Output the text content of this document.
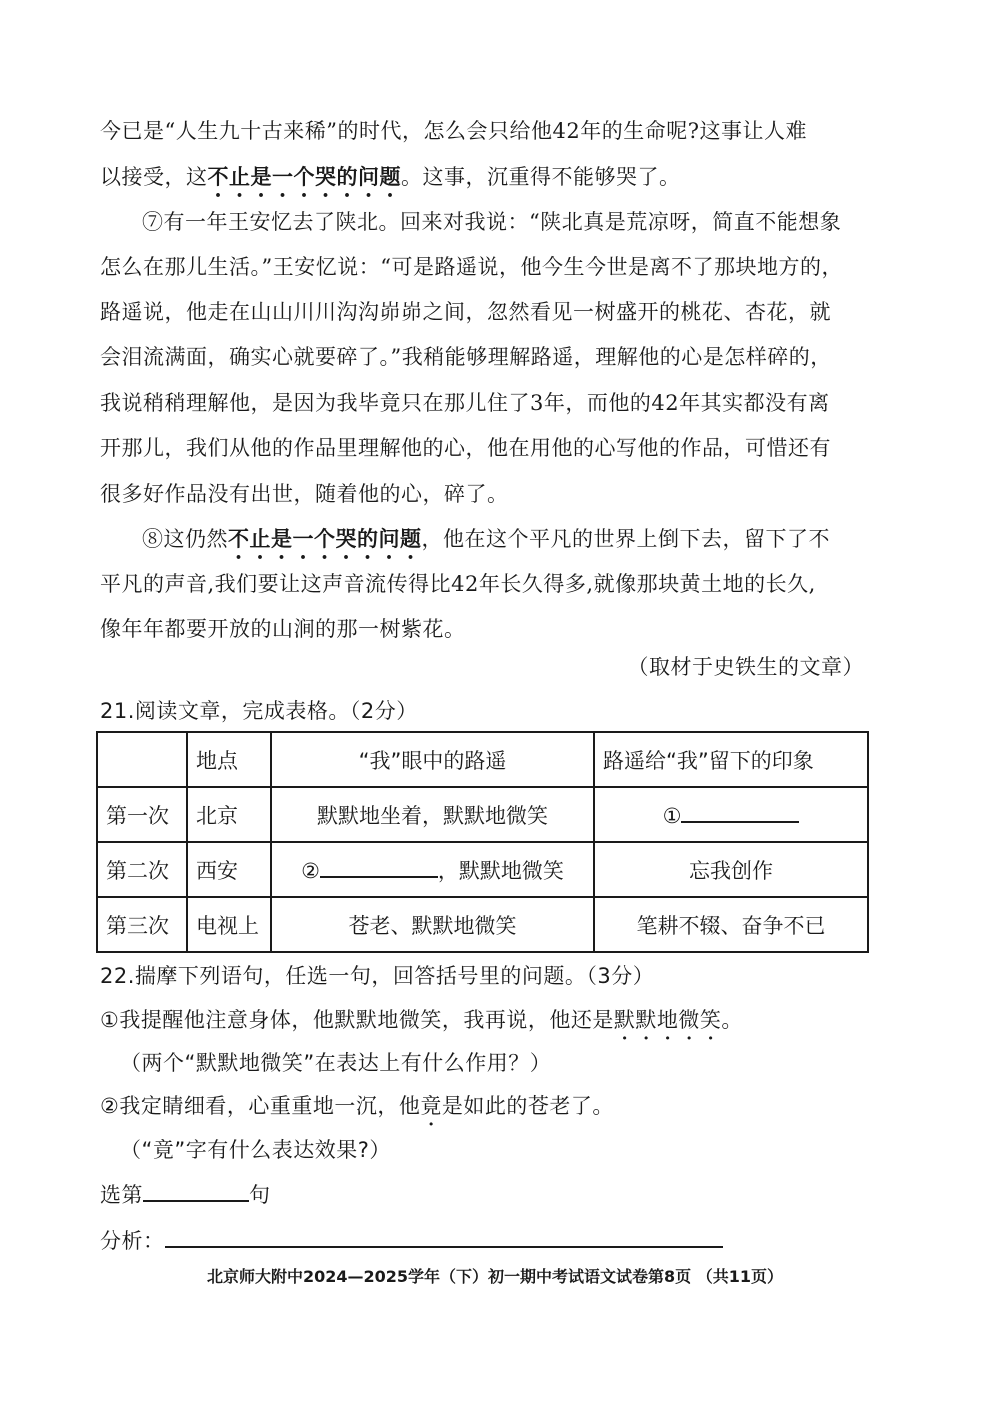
今已是“人生九十古来稀”的时代，怎么会只给他42年的生命呢?这事让人难
以接受，这不止是一个哭的问题。这事，沉重得不能够哭了。
⑦有一年王安忆去了陕北。回来对我说：“陕北真是荒凉呀，简直不能想象
怎么在那儿生活。”王安忆说：“可是路遥说，他今生今世是离不了那块地方的，
路遥说，他走在山山川川沟沟峁峁之间，忽然看见一树盛开的桃花、杏花，就
会泪流满面，确实心就要碎了。”我稍能够理解路遥，理解他的心是怎样碎的，
我说稍稍理解他，是因为我毕竟只在那儿住了3年，而他的42年其实都没有离
开那儿，我们从他的作品里理解他的心，他在用他的心写他的作品，可惜还有
很多好作品没有出世，随着他的心，碎了。
⑧这仍然不止是一个哭的问题，他在这个平凡的世界上倒下去，留下了不
平凡的声音,我们要让这声音流传得比42年长久得多,就像那块黄土地的长久,
像年年都要开放的山涧的那一树紫花。
（取材于史铁生的文章）
21.阅读文章，完成表格。（2分）
	地点	“我”眼中的路遥	路遥给“我”留下的印象
第一次	北京	默默地坐着，默默地微笑	①
第二次	西安	② ，默默地微笑	忘我创作
第三次	电视上	苍老、默默地微笑	笔耕不辍、奋争不已
22.揣摩下列语句，任选一句，回答括号里的问题。（3分）
①我提醒他注意身体，他默默地微笑，我再说，他还是默默地微笑。
（两个“默默地微笑”在表达上有什么作用？）
②我定睛细看，心重重地一沉，他竟是如此的苍老了。
（“竟”字有什么表达效果?）
选第	句
分析：
北京师大附中2024—2025学年（下）初一期中考试语文试卷第8页 （共11页）
